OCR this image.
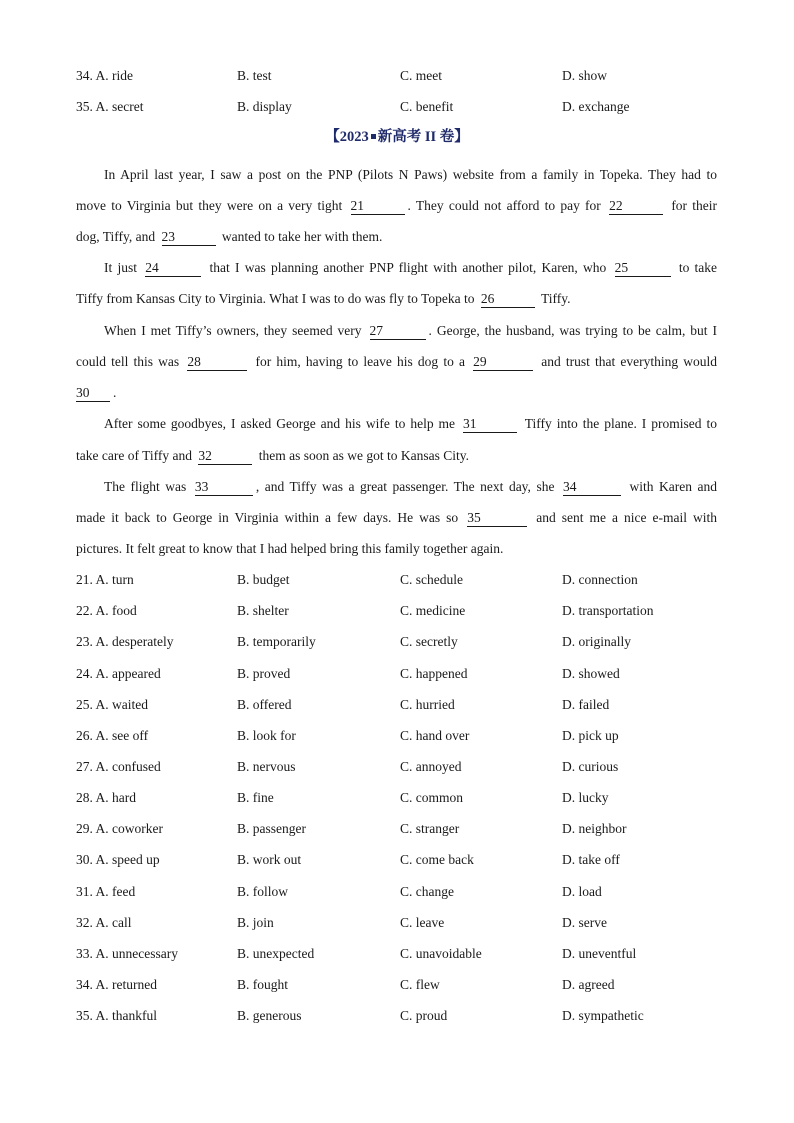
34. A. ride	B. test	C. meet	D. show
35. A. secret	B. display	C. benefit	D. exchange
【2023 新高考 II 卷】
In April last year, I saw a post on the PNP (Pilots N Paws) website from a family in Topeka. They had to
move to Virginia but they were on a very tight 21	. They could not afford to pay for 22	for their
dog, Tiffy, and 23	wanted to take her with them.
It just 24	that I was planning another PNP flight with another pilot, Karen, who 25	to take
Tiffy from Kansas City to Virginia. What I was to do was fly to Topeka to 26	Tiffy.
When I met Tiffy’s owners, they seemed very 27	. George, the husband, was trying to be calm, but I
could tell this was 28	for him, having to leave his dog to a 29	and trust that everything would
30 .
After some goodbyes, I asked George and his wife to help me 31	Tiffy into the plane. I promised to
take care of Tiffy and 32	them as soon as we got to Kansas City.
The flight was 33	, and Tiffy was a great passenger. The next day, she 34	with Karen and
made it back to George in Virginia within a few days. He was so 35	and sent me a nice e-mail with
pictures. It felt great to know that I had helped bring this family together again.
21. A. turn	B. budget	C. schedule	D. connection
22. A. food	B. shelter	C. medicine	D. transportation
23. A. desperately	B. temporarily	C. secretly	D. originally
24. A. appeared	B. proved	C. happened	D. showed
25. A. waited	B. offered	C. hurried	D. failed
26. A. see off	B. look for	C. hand over	D. pick up
27. A. confused	B. nervous	C. annoyed	D. curious
28. A. hard	B. fine	C. common	D. lucky
29. A. coworker	B. passenger	C. stranger	D. neighbor
30. A. speed up	B. work out	C. come back	D. take off
31. A. feed	B. follow	C. change	D. load
32. A. call	B. join	C. leave	D. serve
33. A. unnecessary	B. unexpected	C. unavoidable	D. uneventful
34. A. returned	B. fought	C. flew	D. agreed
35. A. thankful	B. generous	C. proud	D. sympathetic
